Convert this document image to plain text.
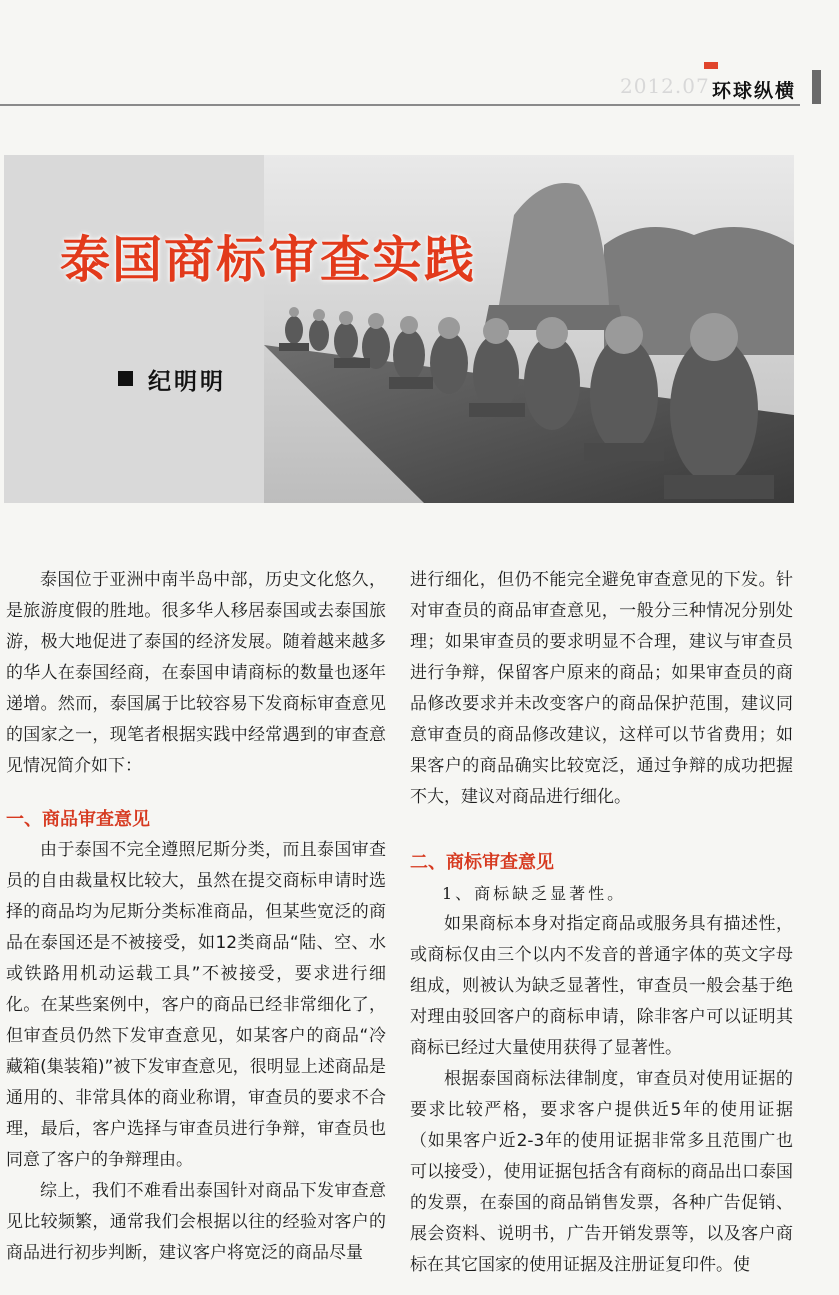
2012.07 环球纵横
泰国商标审查实践
纪明明

泰国位于亚洲中南半岛中部，历史文化悠久，是旅游度假的胜地。很多华人移居泰国或去泰国旅游，极大地促进了泰国的经济发展。随着越来越多的华人在泰国经商，在泰国申请商标的数量也逐年递增。然而，泰国属于比较容易下发商标审查意见的国家之一，现笔者根据实践中经常遇到的审查意见情况简介如下：

一、商品审查意见

由于泰国不完全遵照尼斯分类，而且泰国审查员的自由裁量权比较大，虽然在提交商标申请时选择的商品均为尼斯分类标准商品，但某些宽泛的商品在泰国还是不被接受，如12类商品“陆、空、水或铁路用机动运载工具”不被接受，要求进行细化。在某些案例中，客户的商品已经非常细化了，但审查员仍然下发审查意见，如某客户的商品“冷藏箱(集装箱)”被下发审查意见，很明显上述商品是通用的、非常具体的商业称谓，审查员的要求不合理，最后，客户选择与审查员进行争辩，审查员也同意了客户的争辩理由。

综上，我们不难看出泰国针对商品下发审查意见比较频繁，通常我们会根据以往的经验对客户的商品进行初步判断，建议客户将宽泛的商品尽量

进行细化，但仍不能完全避免审查意见的下发。针对审查员的商品审查意见，一般分三种情况分别处理；如果审查员的要求明显不合理，建议与审查员进行争辩，保留客户原来的商品；如果审查员的商品修改要求并未改变客户的商品保护范围，建议同意审查员的商品修改建议，这样可以节省费用；如果客户的商品确实比较宽泛，通过争辩的成功把握不大，建议对商品进行细化。

二、商标审查意见

1、商标缺乏显著性。

如果商标本身对指定商品或服务具有描述性，或商标仅由三个以内不发音的普通字体的英文字母组成，则被认为缺乏显著性，审查员一般会基于绝对理由驳回客户的商标申请，除非客户可以证明其商标已经过大量使用获得了显著性。

根据泰国商标法律制度，审查员对使用证据的要求比较严格，要求客户提供近5年的使用证据（如果客户近2-3年的使用证据非常多且范围广也可以接受），使用证据包括含有商标的商品出口泰国的发票，在泰国的商品销售发票，各种广告促销、展会资料、说明书，广告开销发票等，以及客户商标在其它国家的使用证据及注册证复印件。使
